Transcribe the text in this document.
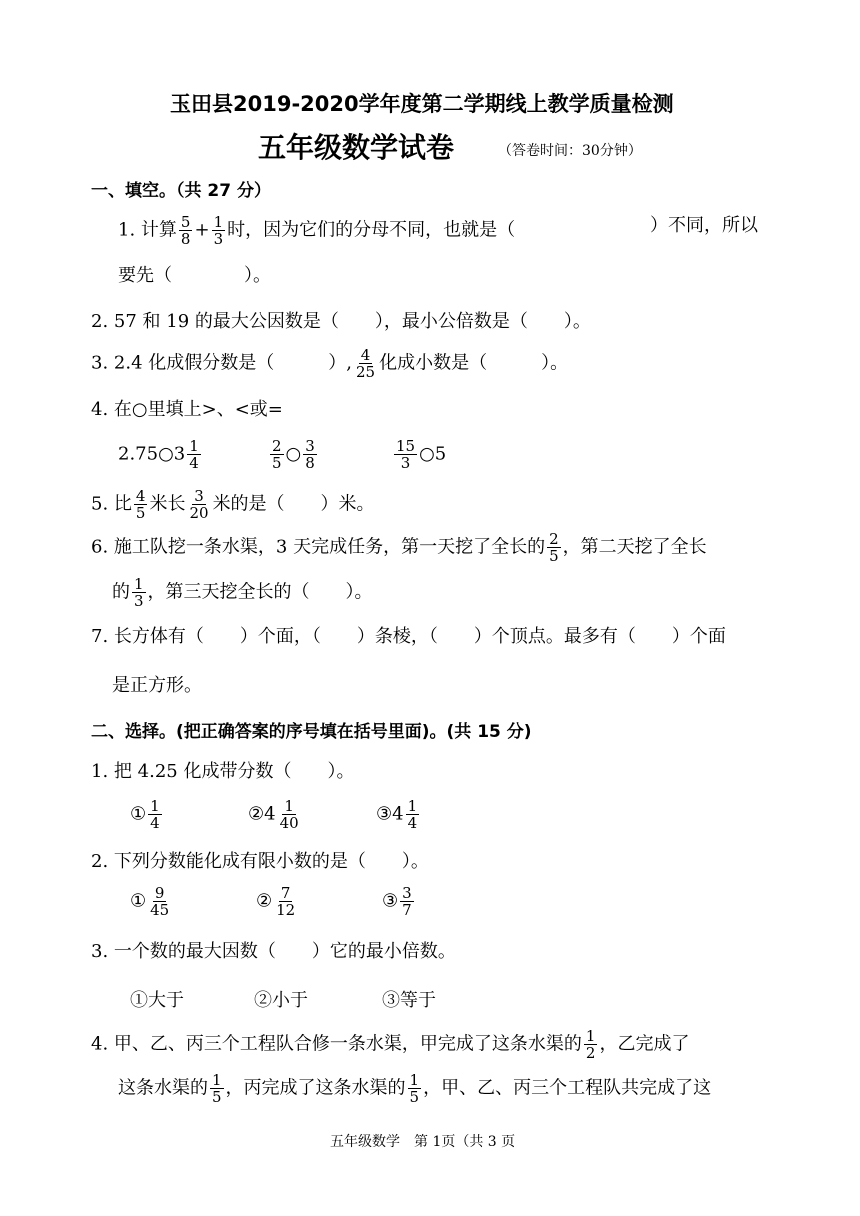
玉田县2019-2020学年度第二学期线上教学质量检测
五年级数学试卷	（答卷时间：30分钟）
一、填空。（共 27 分）
1. 计算 $\frac{5}{8} + \frac{1}{3}$ 时，因为它们的分母不同，也就是（	）不同，所以
要先（　　　　）。
2. 57 和 19 的最大公因数是（　　），最小公倍数是（　　）。
3. 2.4 化成假分数是（　　　）, $\frac{4}{25}$ 化成小数是（　　　）。
4. 在○里填上>、<或=
2.75○3 $\frac{1}{4}$	$\frac{2}{5}$ ○ $\frac{3}{8}$	$\frac{15}{3}$ ○5
5. 比 $\frac{4}{5}$ 米长 $\frac{3}{20}$ 米的是（　　）米。
6. 施工队挖一条水渠，3 天完成任务，第一天挖了全长的 $\frac{2}{5}$ ，第二天挖了全长
的 $\frac{1}{3}$ ，第三天挖全长的（　　）。
7. 长方体有（　　）个面，（　　）条棱，（　　）个顶点。最多有（　　）个面
是正方形。
二、选择。(把正确答案的序号填在括号里面)。(共 15 分)
1. 把 4.25 化成带分数（　　）。
① $\frac{1}{4}$	②4 $\frac{1}{40}$	③4 $\frac{1}{4}$
2. 下列分数能化成有限小数的是（　　）。
① $\frac{9}{45}$	② $\frac{7}{12}$	③ $\frac{3}{7}$
3. 一个数的最大因数（　　）它的最小倍数。
①大于	②小于	③等于
4. 甲、乙、丙三个工程队合修一条水渠，甲完成了这条水渠的 $\frac{1}{2}$ ，乙完成了
这条水渠的 $\frac{1}{5}$ ，丙完成了这条水渠的 $\frac{1}{5}$ ，甲、乙、丙三个工程队共完成了这
五年级数学　第 1页（共 3 页
